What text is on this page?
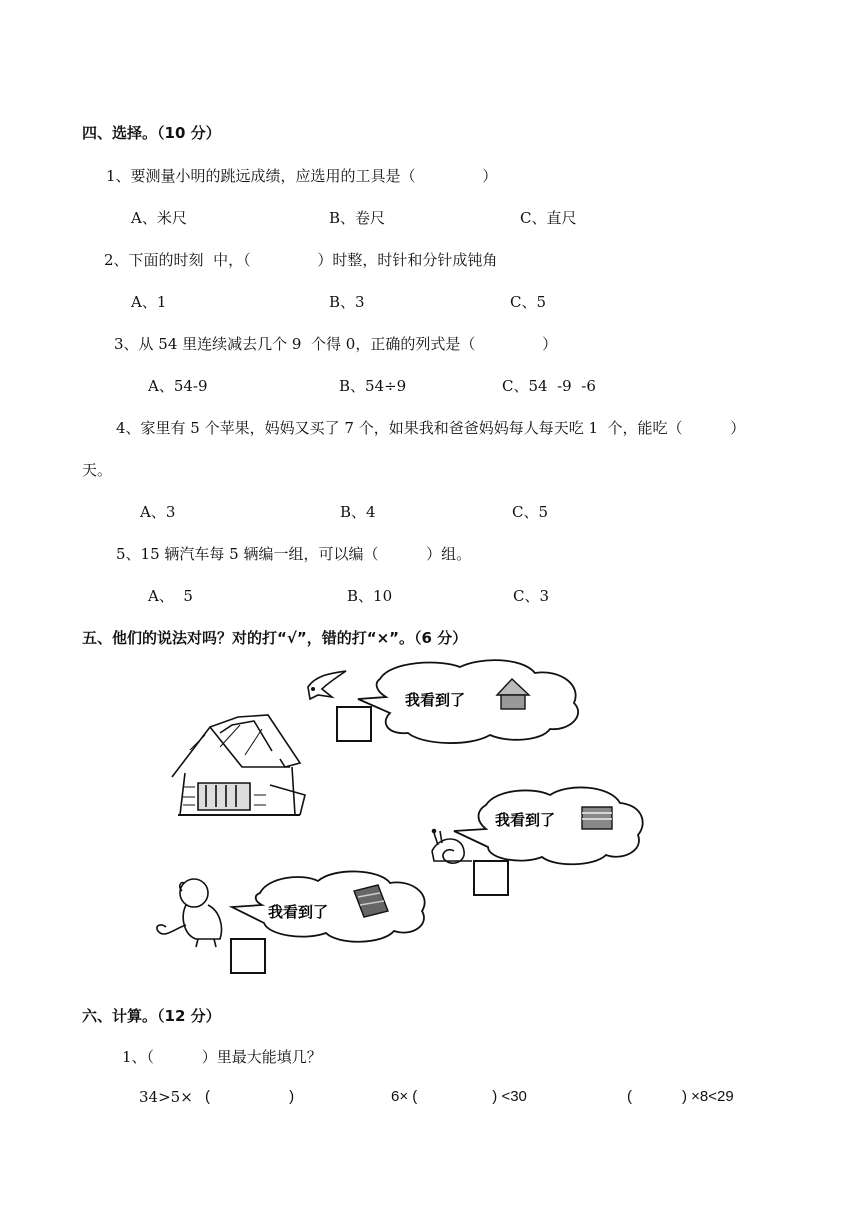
四、选择。（10 分）
1、要测量小明的跳远成绩，应选用的工具是（              ）
A、米尺	B、卷尺	C、直尺
2、下面的时刻  中，（              ）时整，时针和分针成钝角
A、1	B、3	C、5
3、从 54 里连续减去几个 9  个得 0，正确的列式是（              ）
A、54-9	B、54÷9	C、54  -9  -6
4、家里有 5 个苹果，妈妈又买了 7 个，如果我和爸爸妈妈每人每天吃 1  个，能吃（          ）
天。
A、3	B、4	C、5
5、15 辆汽车每 5 辆编一组，可以编（          ）组。
A、  5	B、10	C、3
五、他们的说法对吗？对的打“√”，错的打“×”。（6 分）
我看到了
我看到了
我看到了
六、计算。（12 分）
1、（          ）里最大能填几？
34>5× (                   )	6× (                  ) <30	(            ) ×8<29
